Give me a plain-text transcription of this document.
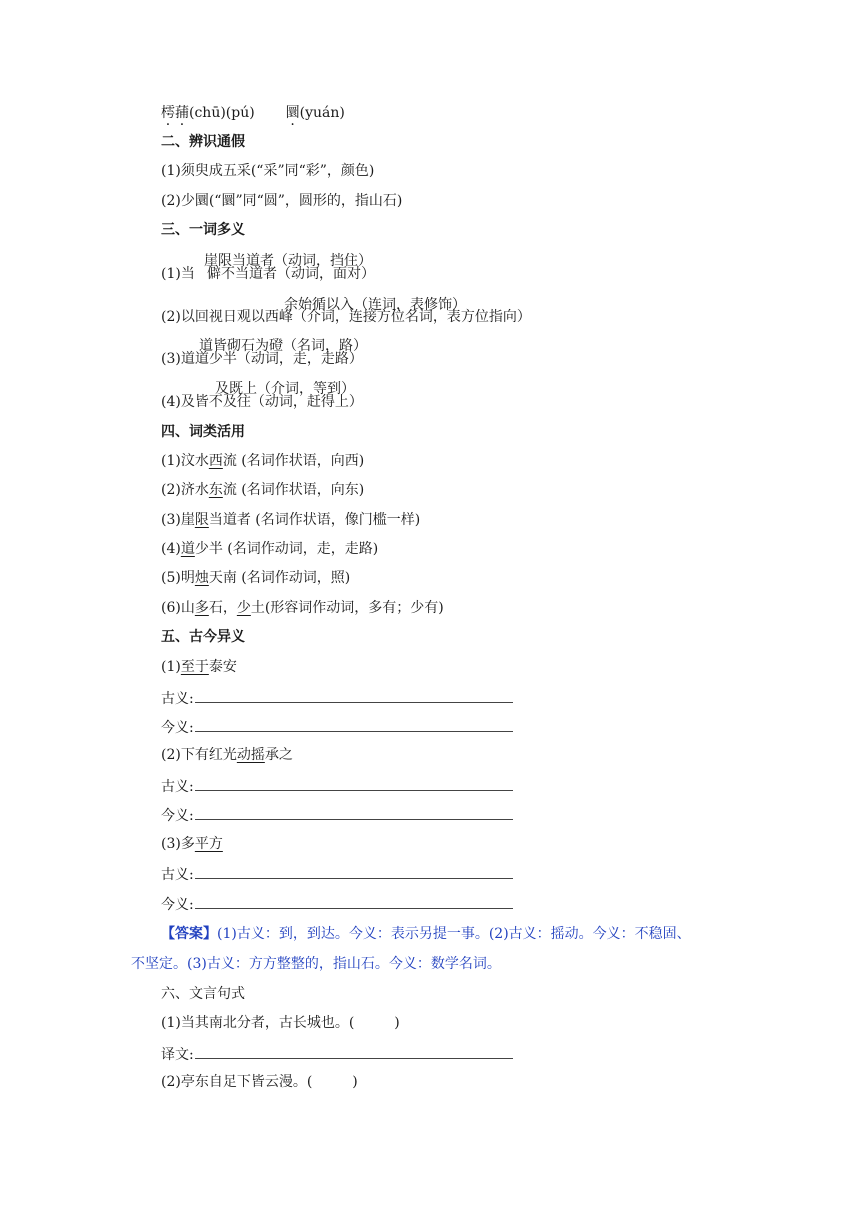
樗蒱(chū)(pú) 圜(yuán)
二、辨识通假
(1)须臾成五采(“采”同“彩”，颜色)
(2)少圜(“圜”同“圆”，圆形的，指山石)
三、一词多义
崖限当道者（动词，挡住）
(1)当 僻不当道者（动词，面对）
余始循以入（连词，表修饰）
(2)以回视日观以西峰（介词，连接方位名词，表方位指向）
道皆砌石为磴（名词，路）
(3)道道少半（动词，走，走路）
及既上（介词，等到）
(4)及皆不及往（动词，赶得上）
四、词类活用
(1)汶水西流 (名词作状语，向西)
(2)济水东流 (名词作状语，向东)
(3)崖限当道者 (名词作状语，像门槛一样)
(4)道少半 (名词作动词，走，走路)
(5)明烛天南 (名词作动词，照)
(6)山多石，少土(形容词作动词，多有；少有)
五、古今异义
(1)至于泰安
古义:
今义:
(2)下有红光动摇承之
古义:
今义:
(3)多平方
古义:
今义:
【答案】(1)古义：到，到达。今义：表示另提一事。(2)古义：摇动。今义：不稳固、
不坚定。(3)古义：方方整整的，指山石。今义：数学名词。
六、文言句式
(1)当其南北分者，古长城也。(	)
译文:
(2)亭东自足下皆云漫。(	)
